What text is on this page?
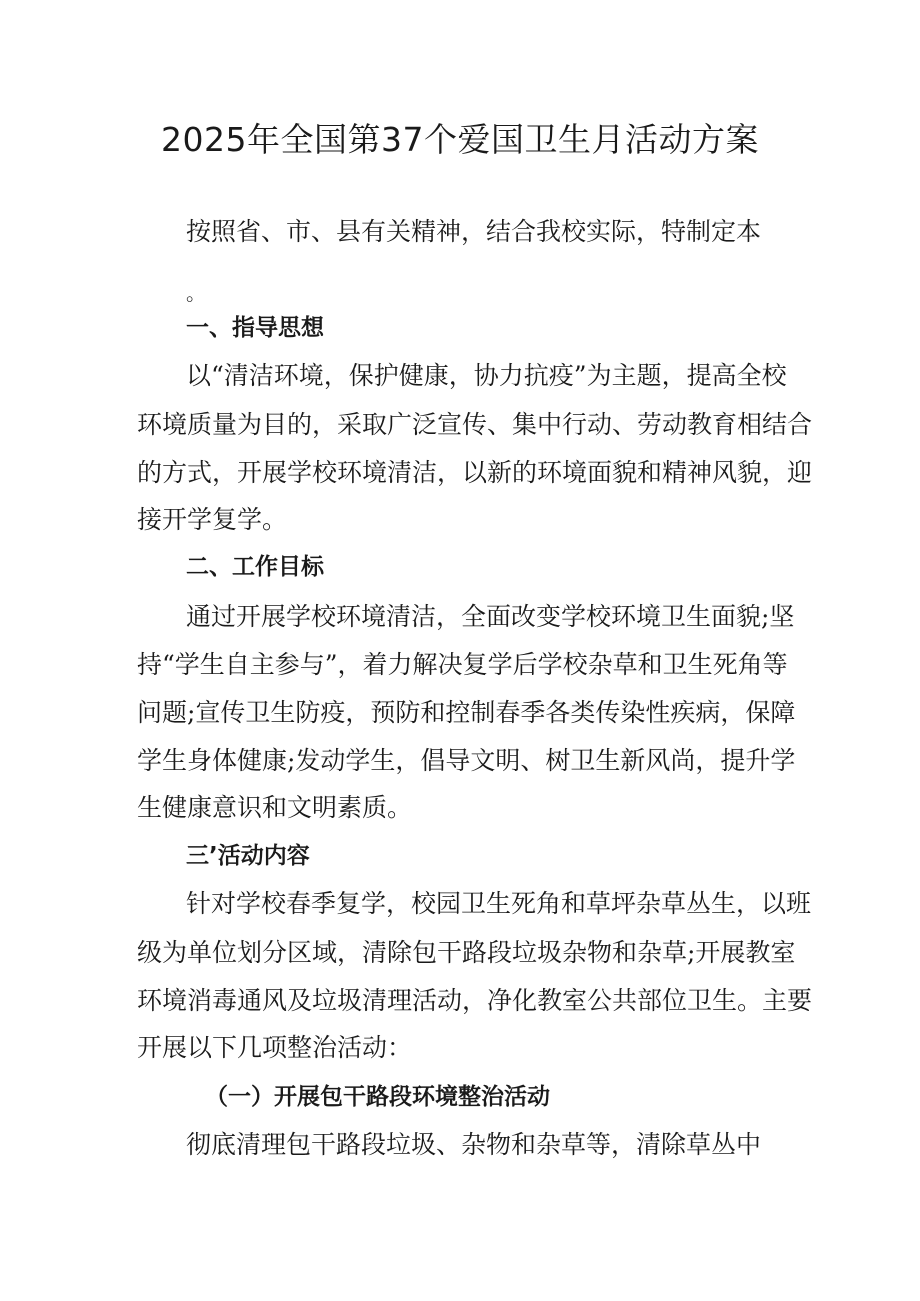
2025年全国第37个爱国卫生月活动方案

按照省、市、县有关精神，结合我校实际，特制定本

。

一、指导思想

以“清洁环境，保护健康，协力抗疫”为主题，提高全校

环境质量为目的，采取广泛宣传、集中行动、劳动教育相结合

的方式，开展学校环境清洁，以新的环境面貌和精神风貌，迎

接开学复学。

二、工作目标

通过开展学校环境清洁，全面改变学校环境卫生面貌;坚

持“学生自主参与”，着力解决复学后学校杂草和卫生死角等

问题;宣传卫生防疫，预防和控制春季各类传染性疾病，保障

学生身体健康;发动学生，倡导文明、树卫生新风尚，提升学

生健康意识和文明素质。

三’活动内容

针对学校春季复学，校园卫生死角和草坪杂草丛生，以班

级为单位划分区域，清除包干路段垃圾杂物和杂草;开展教室

环境消毒通风及垃圾清理活动，净化教室公共部位卫生。主要

开展以下几项整治活动：

（一）开展包干路段环境整治活动

彻底清理包干路段垃圾、杂物和杂草等，清除草丛中
